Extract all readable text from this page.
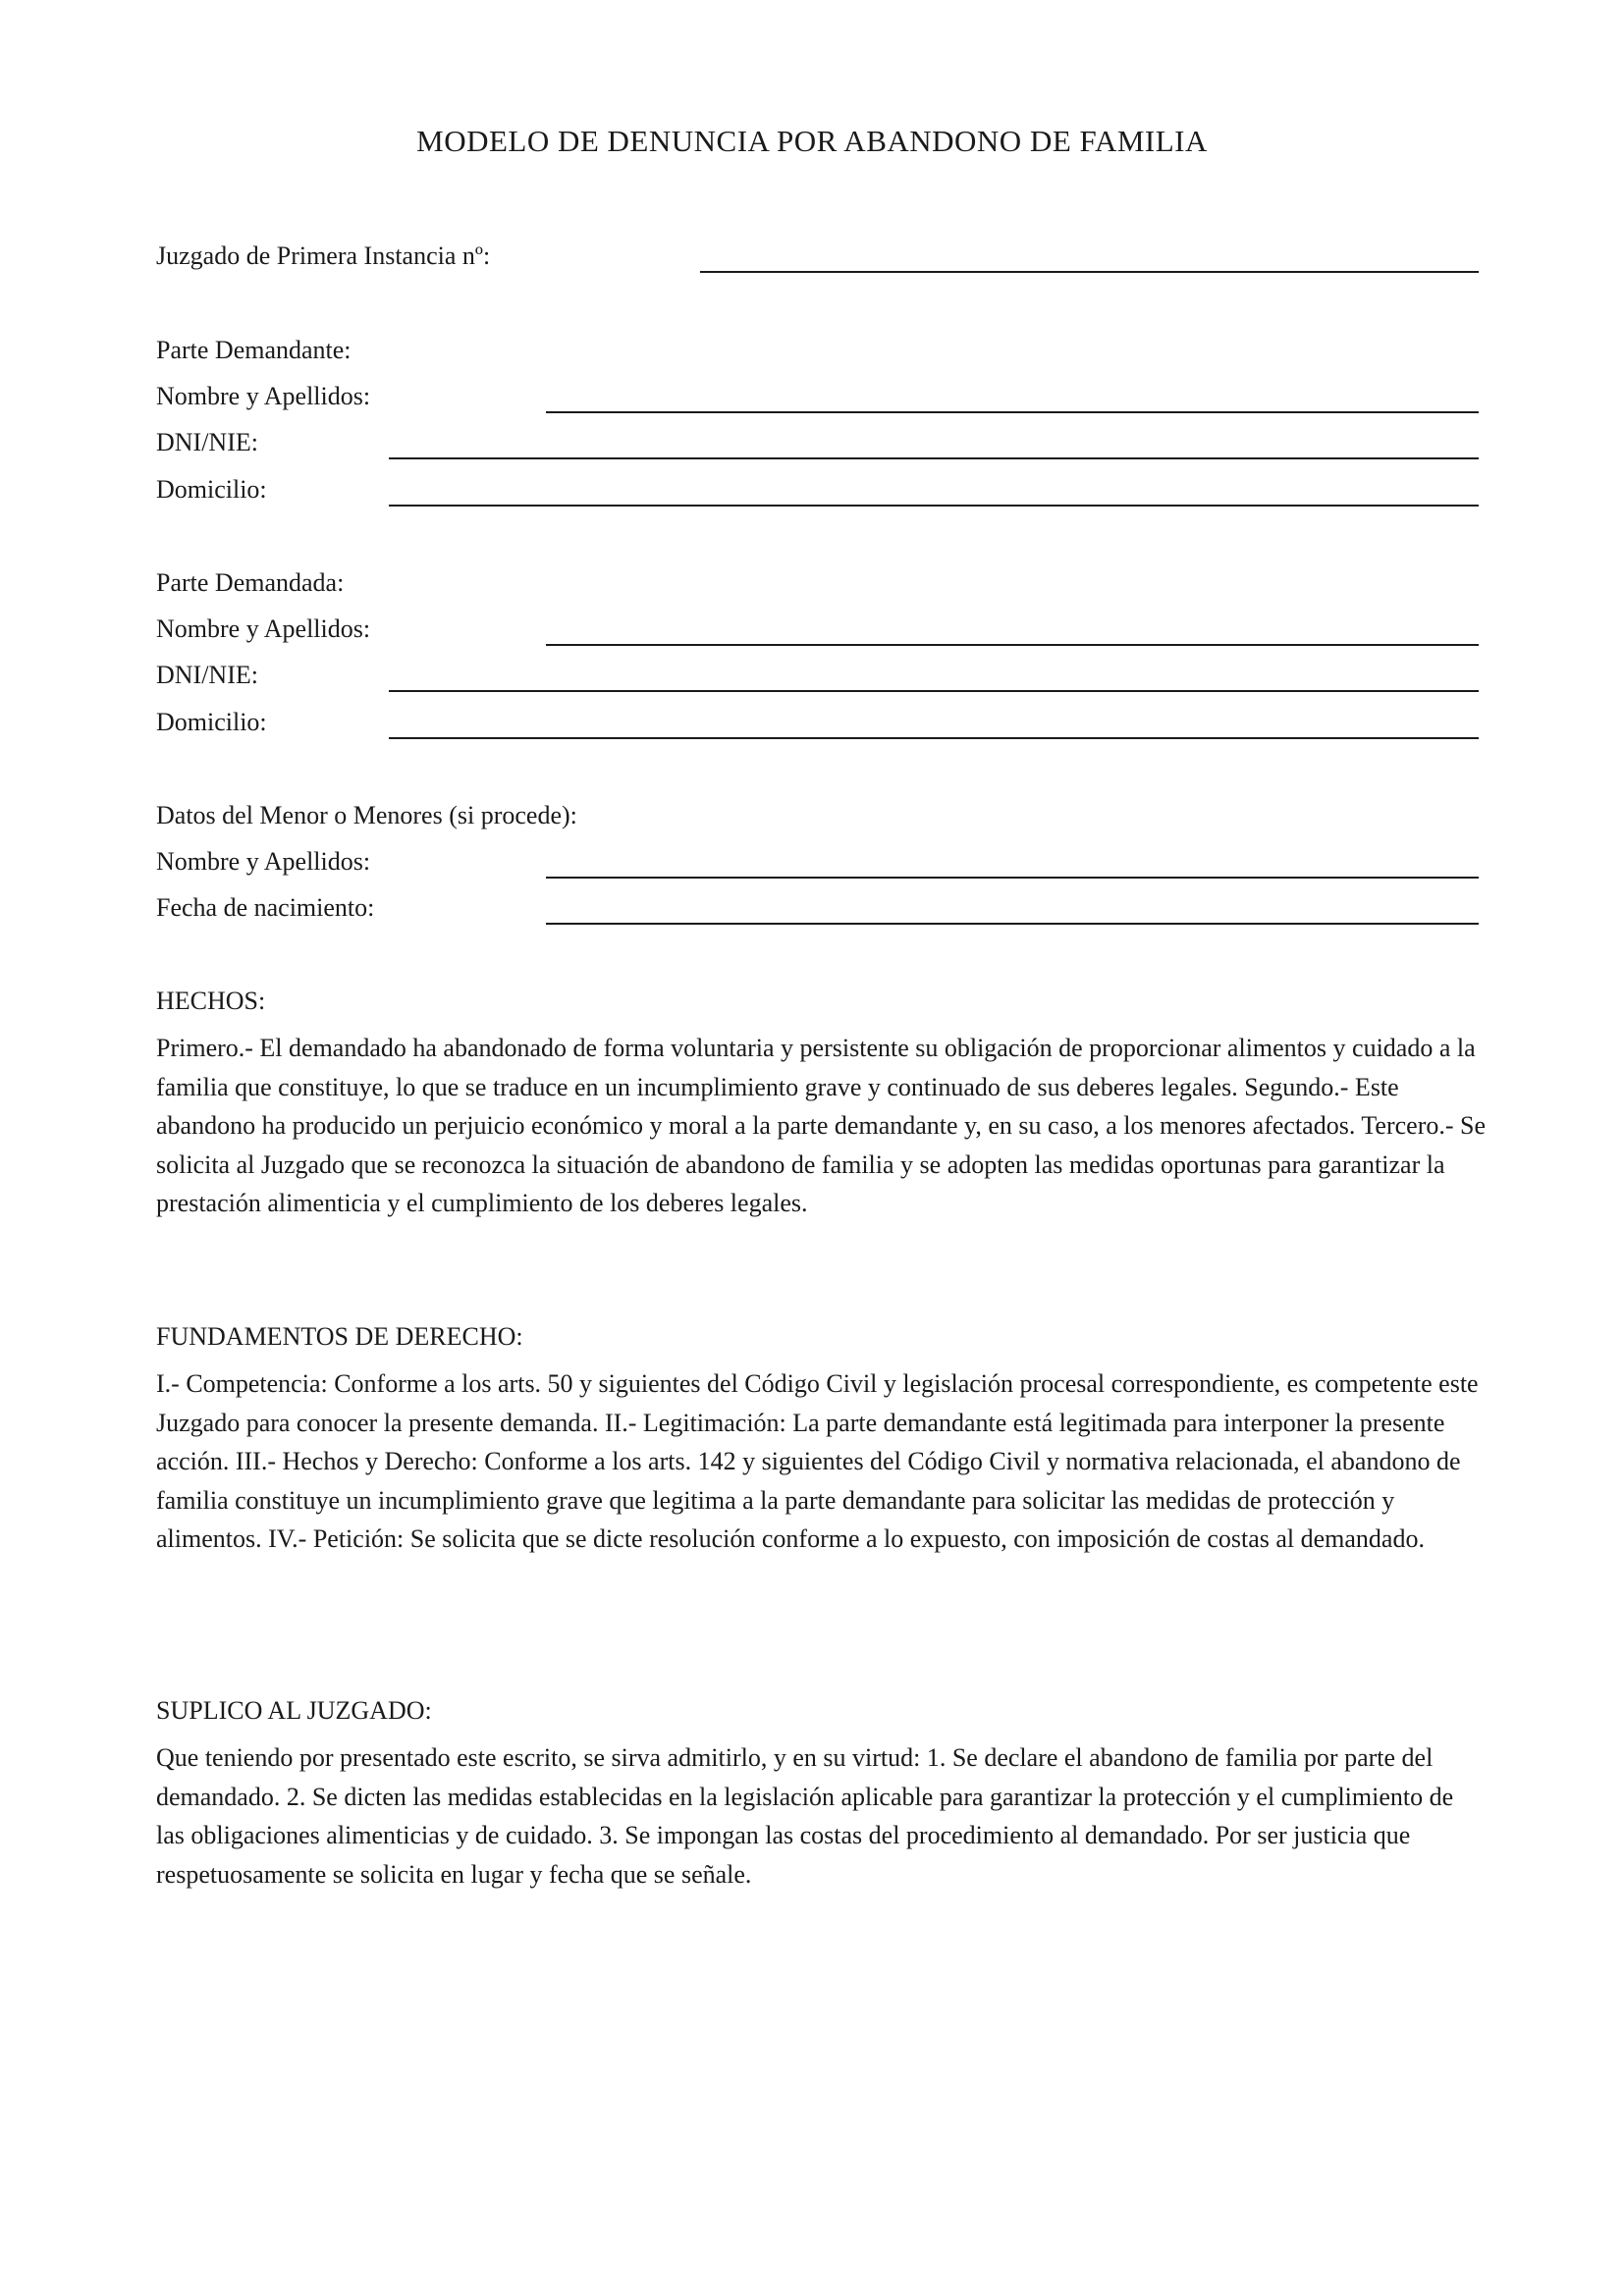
MODELO DE DENUNCIA POR ABANDONO DE FAMILIA
Juzgado de Primera Instancia nº:
Parte Demandante:
Nombre y Apellidos:
DNI/NIE:
Domicilio:
Parte Demandada:
Nombre y Apellidos:
DNI/NIE:
Domicilio:
Datos del Menor o Menores (si procede):
Nombre y Apellidos:
Fecha de nacimiento:
HECHOS:

Primero.- El demandado ha abandonado de forma voluntaria y persistente su obligación de proporcionar alimentos y cuidado a la familia que constituye, lo que se traduce en un incumplimiento grave y continuado de sus deberes legales. Segundo.- Este abandono ha producido un perjuicio económico y moral a la parte demandante y, en su caso, a los menores afectados. Tercero.- Se solicita al Juzgado que se reconozca la situación de abandono de familia y se adopten las medidas oportunas para garantizar la prestación alimenticia y el cumplimiento de los deberes legales.

FUNDAMENTOS DE DERECHO:

I.- Competencia: Conforme a los arts. 50 y siguientes del Código Civil y legislación procesal correspondiente, es competente este Juzgado para conocer la presente demanda. II.- Legitimación: La parte demandante está legitimada para interponer la presente acción. III.- Hechos y Derecho: Conforme a los arts. 142 y siguientes del Código Civil y normativa relacionada, el abandono de familia constituye un incumplimiento grave que legitima a la parte demandante para solicitar las medidas de protección y alimentos. IV.- Petición: Se solicita que se dicte resolución conforme a lo expuesto, con imposición de costas al demandado.

SUPLICO AL JUZGADO:

Que teniendo por presentado este escrito, se sirva admitirlo, y en su virtud: 1. Se declare el abandono de familia por parte del demandado. 2. Se dicten las medidas establecidas en la legislación aplicable para garantizar la protección y el cumplimiento de las obligaciones alimenticias y de cuidado. 3. Se impongan las costas del procedimiento al demandado. Por ser justicia que respetuosamente se solicita en lugar y fecha que se señale.
